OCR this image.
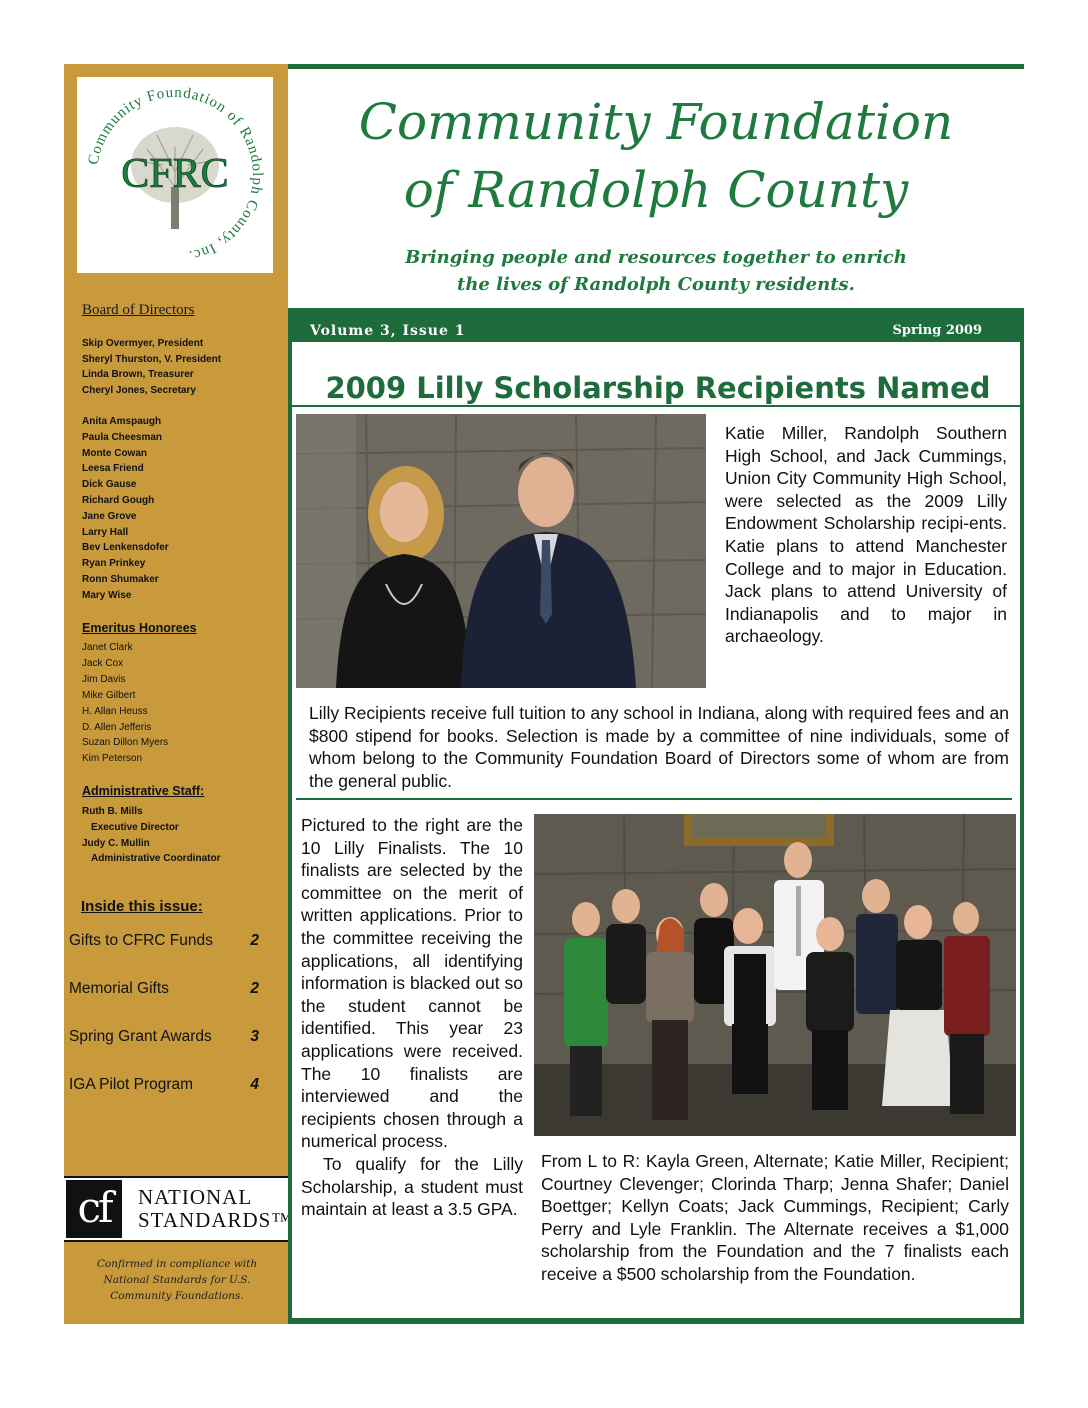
Community Foundation of Randolph County, Inc.
CFRC
Board of Directors
Skip Overmyer, President
Sheryl Thurston, V. President
Linda Brown, Treasurer
Cheryl Jones, Secretary
Anita Amspaugh
Paula Cheesman
Monte Cowan
Leesa Friend
Dick Gause
Richard Gough
Jane Grove
Larry Hall
Bev Lenkensdofer
Ryan Prinkey
Ronn Shumaker
Mary Wise
Emeritus Honorees
Janet Clark
Jack Cox
Jim Davis
Mike Gilbert
H. Allan Heuss
D. Allen Jefferis
Suzan Dillon Myers
Kim Peterson
Administrative Staff:
Ruth B. Mills
Executive Director
Judy C. Mullin
Administrative Coordinator
Inside this issue:
Gifts to CFRC Funds 2
Memorial Gifts	2
Spring Grant Awards 3
IGA Pilot Program	4
cf	NATIONAL
STANDARDS™
Confirmed in compliance with National Standards for U.S. Community Foundations.
Community Foundation
of Randolph County
Bringing people and resources together to enrich
the lives of Randolph County residents.
Volume 3, Issue 1	Spring 2009
2009 Lilly Scholarship Recipients Named

Katie Miller, Randolph Southern High School, and Jack Cummings, Union City Community High School, were selected as the 2009 Lilly Endowment Scholarship recipi-ents. Katie plans to attend Manchester College and to major in Education. Jack plans to attend University of Indianapolis and to major in archaeology.

Lilly Recipients receive full tuition to any school in Indiana, along with required fees and an $800 stipend for books. Selection is made by a committee of nine individuals, some of whom belong to the Community Foundation Board of Directors some of whom are from the general public.

Pictured to the right are the 10 Lilly Finalists. The 10 finalists are selected by the committee on the merit of written applications. Prior to the committee receiving the applications, all identifying information is blacked out so the student cannot be identified. This year 23 applications were received. The 10 finalists are interviewed and the recipients chosen through a numerical process.

To qualify for the Lilly Scholarship, a student must maintain at least a 3.5 GPA.

From L to R: Kayla Green, Alternate; Katie Miller, Recipient; Courtney Clevenger; Clorinda Tharp; Jenna Shafer; Daniel Boettger; Kellyn Coats; Jack Cummings, Recipient; Carly Perry and Lyle Franklin. The Alternate receives a $1,000 scholarship from the Foundation and the 7 finalists each receive a $500 scholarship from the Foundation.
